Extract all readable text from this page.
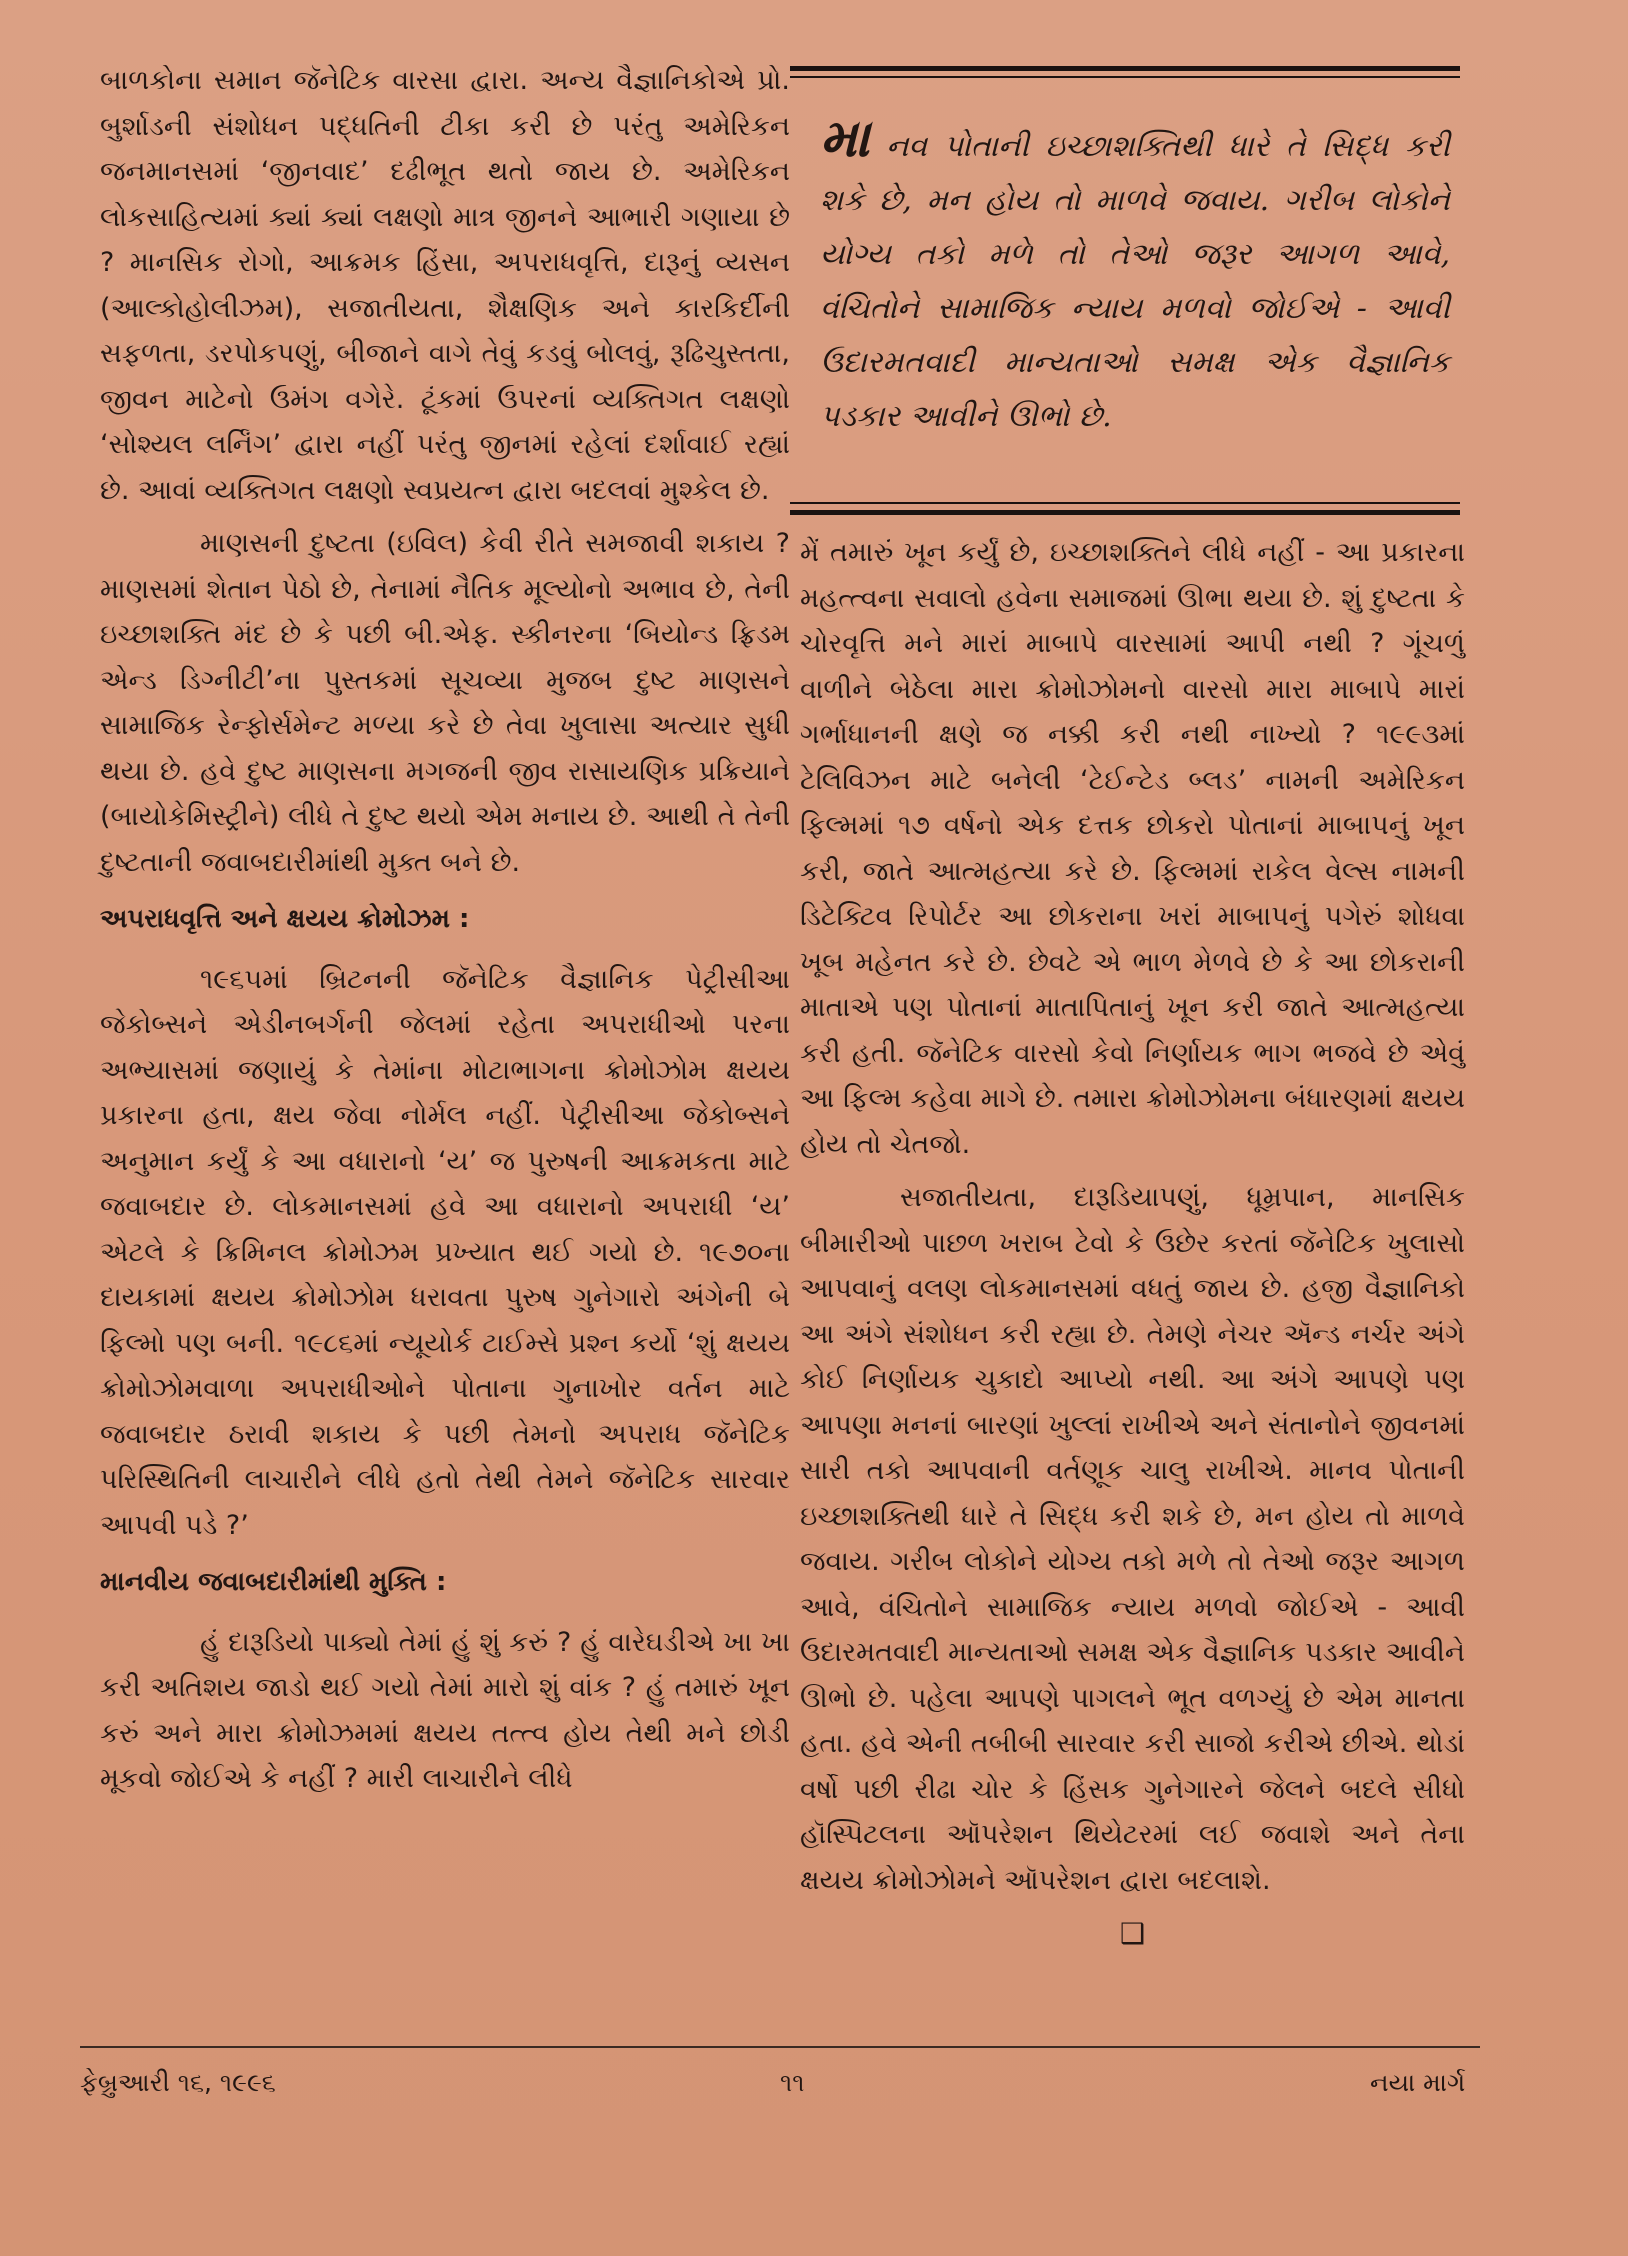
બાળકોના સમાન જૅનેટિક વારસા દ્વારા. અન્ય વૈજ્ઞાનિકોએ પ્રો. બુર્શાડની સંશોધન પદ્ધતિની ટીકા કરી છે પરંતુ અમેરિકન જનમાનસમાં ‘જીનવાદ’ દઢીભૂત થતો જાય છે. અમેરિકન લોકસાહિત્યમાં ક્યાં ક્યાં લક્ષણો માત્ર જીનને આભારી ગણાયા છે ? માનસિક રોગો, આક્રમક હિંસા, અપરાધવૃત્તિ, દારૂનું વ્યસન (આલ્કોહોલીઝમ), સજાતીયતા, શૈક્ષણિક અને કારકિર્દીની સફળતા, ડરપોકપણું, બીજાને વાગે તેવું કડવું બોલવું, રૂઢિચુસ્તતા, જીવન માટેનો ઉમંગ વગેરે. ટૂંકમાં ઉપરનાં વ્યક્તિગત લક્ષણો ‘સોશ્યલ લર્નિંગ’ દ્વારા નહીં પરંતુ જીનમાં રહેલાં દર્શાવાઈ રહ્યાં છે. આવાં વ્યક્તિગત લક્ષણો સ્વપ્રયત્ન દ્વારા બદલવાં મુશ્કેલ છે.

માણસની દુષ્ટતા (ઇવિલ) કેવી રીતે સમજાવી શકાય ? માણસમાં શેતાન પેઠો છે, તેનામાં નૈતિક મૂલ્યોનો અભાવ છે, તેની ઇચ્છાશક્તિ મંદ છે કે પછી બી.એફ. સ્કીનરના ‘બિયોન્ડ ફ્રિડમ એન્ડ ડિગ્નીટી’ના પુસ્તકમાં સૂચવ્યા મુજબ દુષ્ટ માણસને સામાજિક રેન્ફોર્સમેન્ટ મળ્યા કરે છે તેવા ખુલાસા અત્યાર સુધી થયા છે. હવે દુષ્ટ માણસના મગજની જીવ રાસાયણિક પ્રક્રિયાને (બાયોકેમિસ્ટ્રીને) લીધે તે દુષ્ટ થયો એમ મનાય છે. આથી તે તેની દુષ્ટતાની જવાબદારીમાંથી મુક્ત બને છે.

અપરાધવૃત્તિ અને ક્ષયય ક્રોમોઝમ :

૧૯૬૫માં બ્રિટનની જૅનેટિક વૈજ્ઞાનિક પેટ્રીસીઆ જેકોબ્સને એડીનબર્ગની જેલમાં રહેતા અપરાધીઓ પરના અભ્યાસમાં જણાયું કે તેમાંના મોટાભાગના ક્રોમોઝોમ ક્ષયય પ્રકારના હતા, ક્ષય જેવા નોર્મલ નહીં. પેટ્રીસીઆ જેકોબ્સને અનુમાન કર્યું કે આ વધારાનો ‘ય’ જ પુરુષની આક્રમકતા માટે જવાબદાર છે. લોકમાનસમાં હવે આ વધારાનો અપરાધી ‘ય’ એટલે કે ક્રિમિનલ ક્રોમોઝમ પ્રખ્યાત થઈ ગયો છે. ૧૯૭૦ના દાયકામાં ક્ષયય ક્રોમોઝોમ ધરાવતા પુરુષ ગુનેગારો અંગેની બે ફિલ્મો પણ બની. ૧૯૮૬માં ન્યૂયોર્ક ટાઈમ્સે પ્રશ્ન કર્યો ‘શું ક્ષયય ક્રોમોઝોમવાળા અપરાધીઓને પોતાના ગુનાખોર વર્તન માટે જવાબદાર ઠરાવી શકાય કે પછી તેમનો અપરાધ જૅનેટિક પરિસ્થિતિની લાચારીને લીધે હતો તેથી તેમને જૅનેટિક સારવાર આપવી પડે ?’

માનવીય જવાબદારીમાંથી મુક્તિ :

હું દારૂડિયો પાક્યો તેમાં હું શું કરું ? હું વારેઘડીએ ખા ખા કરી અતિશય જાડો થઈ ગયો તેમાં મારો શું વાંક ? હું તમારું ખૂન કરું અને મારા ક્રોમોઝમમાં ક્ષયય તત્ત્વ હોય તેથી મને છોડી મૂકવો જોઈએ કે નહીં ? મારી લાચારીને લીધે

મા નવ પોતાની ઇચ્છાશક્તિથી ધારે તે સિદ્ધ કરી શકે છે, મન હોય તો માળવે જવાય. ગરીબ લોકોને યોગ્ય તકો મળે તો તેઓ જરૂર આગળ આવે, વંચિતોને સામાજિક ન્યાય મળવો જોઈએ - આવી ઉદારમતવાદી માન્યતાઓ સમક્ષ એક વૈજ્ઞાનિક પડકાર આવીને ઊભો છે.

મેં તમારું ખૂન કર્યું છે, ઇચ્છાશક્તિને લીધે નહીં - આ પ્રકારના મહત્ત્વના સવાલો હવેના સમાજમાં ઊભા થયા છે. શું દુષ્ટતા કે ચોરવૃત્તિ મને મારાં માબાપે વારસામાં આપી નથી ? ગૂંચળું વાળીને બેઠેલા મારા ક્રોમોઝોમનો વારસો મારા માબાપે મારાં ગર્ભાધાનની ક્ષણે જ નક્કી કરી નથી નાખ્યો ? ૧૯૯૩માં ટેલિવિઝન માટે બનેલી ‘ટેઈન્ટેડ બ્લડ’ નામની અમેરિકન ફિલ્મમાં ૧૭ વર્ષનો એક દત્તક છોકરો પોતાનાં માબાપનું ખૂન કરી, જાતે આત્મહત્યા કરે છે. ફિલ્મમાં રાકેલ વેલ્સ નામની ડિટેક્ટિવ રિપોર્ટર આ છોકરાના ખરાં માબાપનું પગેરું શોધવા ખૂબ મહેનત કરે છે. છેવટે એ ભાળ મેળવે છે કે આ છોકરાની માતાએ પણ પોતાનાં માતાપિતાનું ખૂન કરી જાતે આત્મહત્યા કરી હતી. જૅનેટિક વારસો કેવો નિર્ણાયક ભાગ ભજવે છે એવું આ ફિલ્મ કહેવા માગે છે. તમારા ક્રોમોઝોમના બંધારણમાં ક્ષયય હોય તો ચેતજો.

સજાતીયતા, દારૂડિયાપણું, ધૂમ્રપાન, માનસિક બીમારીઓ પાછળ ખરાબ ટેવો કે ઉછેર કરતાં જૅનેટિક ખુલાસો આપવાનું વલણ લોકમાનસમાં વધતું જાય છે. હજી વૈજ્ઞાનિકો આ અંગે સંશોધન કરી રહ્યા છે. તેમણે નેચર ઍન્ડ નર્ચર અંગે કોઈ નિર્ણાયક ચુકાદો આપ્યો નથી. આ અંગે આપણે પણ આપણા મનનાં બારણાં ખુલ્લાં રાખીએ અને સંતાનોને જીવનમાં સારી તકો આપવાની વર્તણૂક ચાલુ રાખીએ. માનવ પોતાની ઇચ્છાશક્તિથી ધારે તે સિદ્ધ કરી શકે છે, મન હોય તો માળવે જવાય. ગરીબ લોકોને યોગ્ય તકો મળે તો તેઓ જરૂર આગળ આવે, વંચિતોને સામાજિક ન્યાય મળવો જોઈએ - આવી ઉદારમતવાદી માન્યતાઓ સમક્ષ એક વૈજ્ઞાનિક પડકાર આવીને ઊભો છે. પહેલા આપણે પાગલને ભૂત વળગ્યું છે એમ માનતા હતા. હવે એની તબીબી સારવાર કરી સાજો કરીએ છીએ. થોડાં વર્ષો પછી રીઢા ચોર કે હિંસક ગુનેગારને જેલને બદલે સીધો હૉસ્પિટલના ઑપરેશન થિયેટરમાં લઈ જવાશે અને તેના ક્ષયય ક્રોમોઝોમને ઑપરેશન દ્વારા બદલાશે.

❑

ફેબ્રુઆરી ૧૬, ૧૯૯૬	૧૧	નયા માર્ગ
